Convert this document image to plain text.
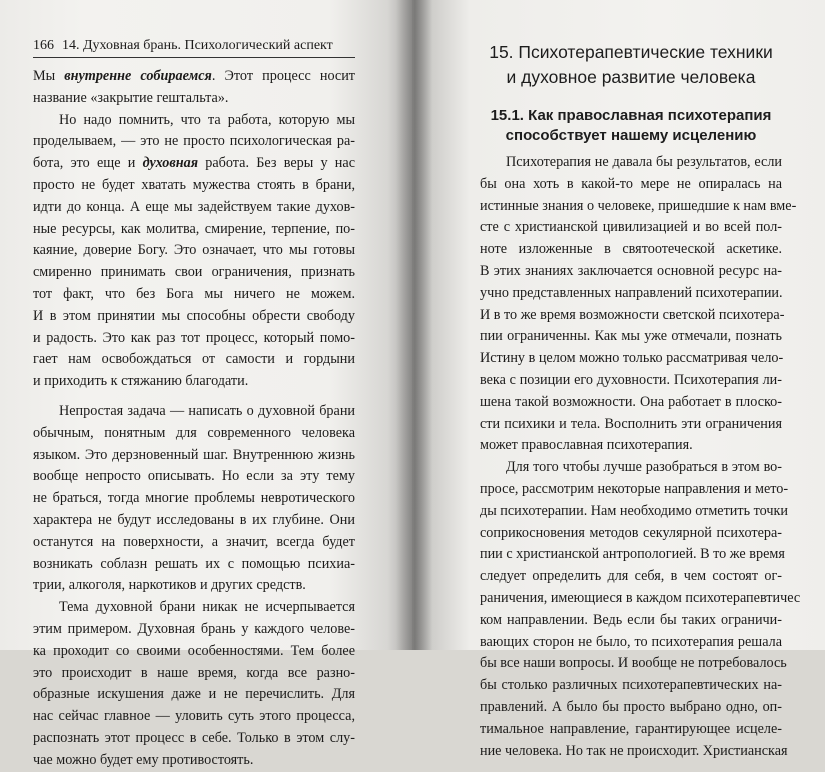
166 14. Духовная брань. Психологический аспект
Мы внутренне собираемся. Этот процесс носит
название «закрытие гештальта».
Но надо помнить, что та работа, которую мы
проделываем, — это не просто психологическая ра-
бота, это еще и духовная работа. Без веры у нас
просто не будет хватать мужества стоять в брани,
идти до конца. А еще мы задействуем такие духов-
ные ресурсы, как молитва, смирение, терпение, по-
каяние, доверие Богу. Это означает, что мы готовы
смиренно принимать свои ограничения, признать
тот факт, что без Бога мы ничего не можем.
И в этом принятии мы способны обрести свободу
и радость. Это как раз тот процесс, который помо-
гает нам освобождаться от самости и гордыни
и приходить к стяжанию благодати.
Непростая задача — написать о духовной брани
обычным, понятным для современного человека
языком. Это дерзновенный шаг. Внутреннюю жизнь
вообще непросто описывать. Но если за эту тему
не браться, тогда многие проблемы невротического
характера не будут исследованы в их глубине. Они
останутся на поверхности, а значит, всегда будет
возникать соблазн решать их с помощью психиа-
трии, алкоголя, наркотиков и других средств.
Тема духовной брани никак не исчерпывается
этим примером. Духовная брань у каждого челове-
ка проходит со своими особенностями. Тем более
это происходит в наше время, когда все разно-
образные искушения даже и не перечислить. Для
нас сейчас главное — уловить суть этого процесса,
распознать этот процесс в себе. Только в этом слу-
чае можно будет ему противостоять.
15. Психотерапевтические техники
и духовное развитие человека
15.1. Как православная психотерапия
способствует нашему исцелению
Психотерапия не давала бы результатов, если
бы она хоть в какой-то мере не опиралась на
истинные знания о человеке, пришедшие к нам вме-
сте с христианской цивилизацией и во всей пол-
ноте изложенные в святоотеческой аскетике.
В этих знаниях заключается основной ресурс на-
учно представленных направлений психотерапии.
И в то же время возможности светской психотера-
пии ограниченны. Как мы уже отмечали, познать
Истину в целом можно только рассматривая чело-
века с позиции его духовности. Психотерапия ли-
шена такой возможности. Она работает в плоско-
сти психики и тела. Восполнить эти ограничения
может православная психотерапия.
Для того чтобы лучше разобраться в этом во-
просе, рассмотрим некоторые направления и мето-
ды психотерапии. Нам необходимо отметить точки
соприкосновения методов секулярной психотера-
пии с христианской антропологией. В то же время
следует определить для себя, в чем состоят ог-
раничения, имеющиеся в каждом психотерапевтичес
ком направлении. Ведь если бы таких ограничи-
вающих сторон не было, то психотерапия решала
бы все наши вопросы. И вообще не потребовалось
бы столько различных психотерапевтических на-
правлений. А было бы просто выбрано одно, оп-
тимальное направление, гарантирующее исцеле-
ние человека. Но так не происходит. Христианская
